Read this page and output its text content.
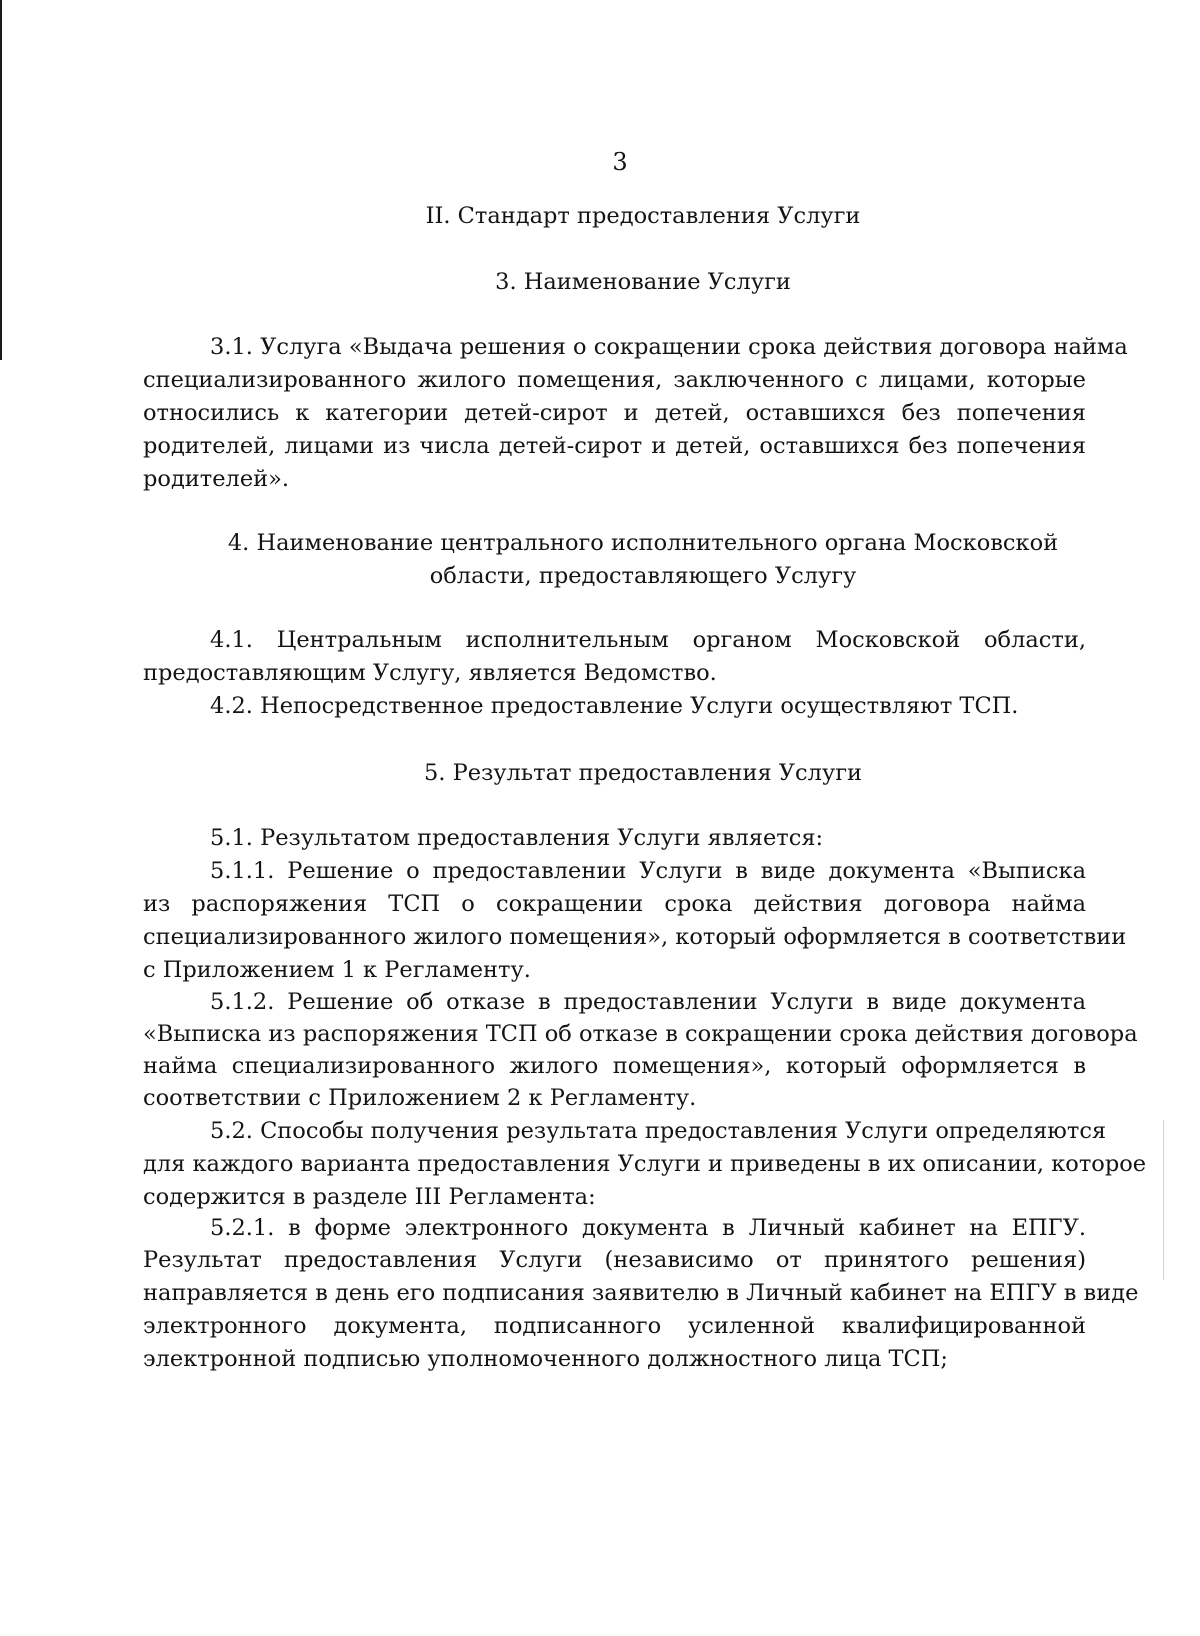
3
II. Стандарт предоставления Услуги
3. Наименование Услуги
3.1. Услуга «Выдача решения о сокращении срока действия договора найма
специализированного жилого помещения, заключенного с лицами, которые
относились к категории детей-сирот и детей, оставшихся без попечения
родителей, лицами из числа детей-сирот и детей, оставшихся без попечения
родителей».
4. Наименование центрального исполнительного органа Московской
области, предоставляющего Услугу
4.1. Центральным исполнительным органом Московской области,
предоставляющим Услугу, является Ведомство.
4.2. Непосредственное предоставление Услуги осуществляют ТСП.
5. Результат предоставления Услуги
5.1. Результатом предоставления Услуги является:
5.1.1. Решение о предоставлении Услуги в виде документа «Выписка
из распоряжения ТСП о сокращении срока действия договора найма
специализированного жилого помещения», который оформляется в соответствии
с Приложением 1 к Регламенту.
5.1.2. Решение об отказе в предоставлении Услуги в виде документа
«Выписка из распоряжения ТСП об отказе в сокращении срока действия договора
найма специализированного жилого помещения», который оформляется в
соответствии с Приложением 2 к Регламенту.
5.2. Способы получения результата предоставления Услуги определяются
для каждого варианта предоставления Услуги и приведены в их описании, которое
содержится в разделе III Регламента:
5.2.1. в форме электронного документа в Личный кабинет на ЕПГУ.
Результат предоставления Услуги (независимо от принятого решения)
направляется в день его подписания заявителю в Личный кабинет на ЕПГУ в виде
электронного документа, подписанного усиленной квалифицированной
электронной подписью уполномоченного должностного лица ТСП;
